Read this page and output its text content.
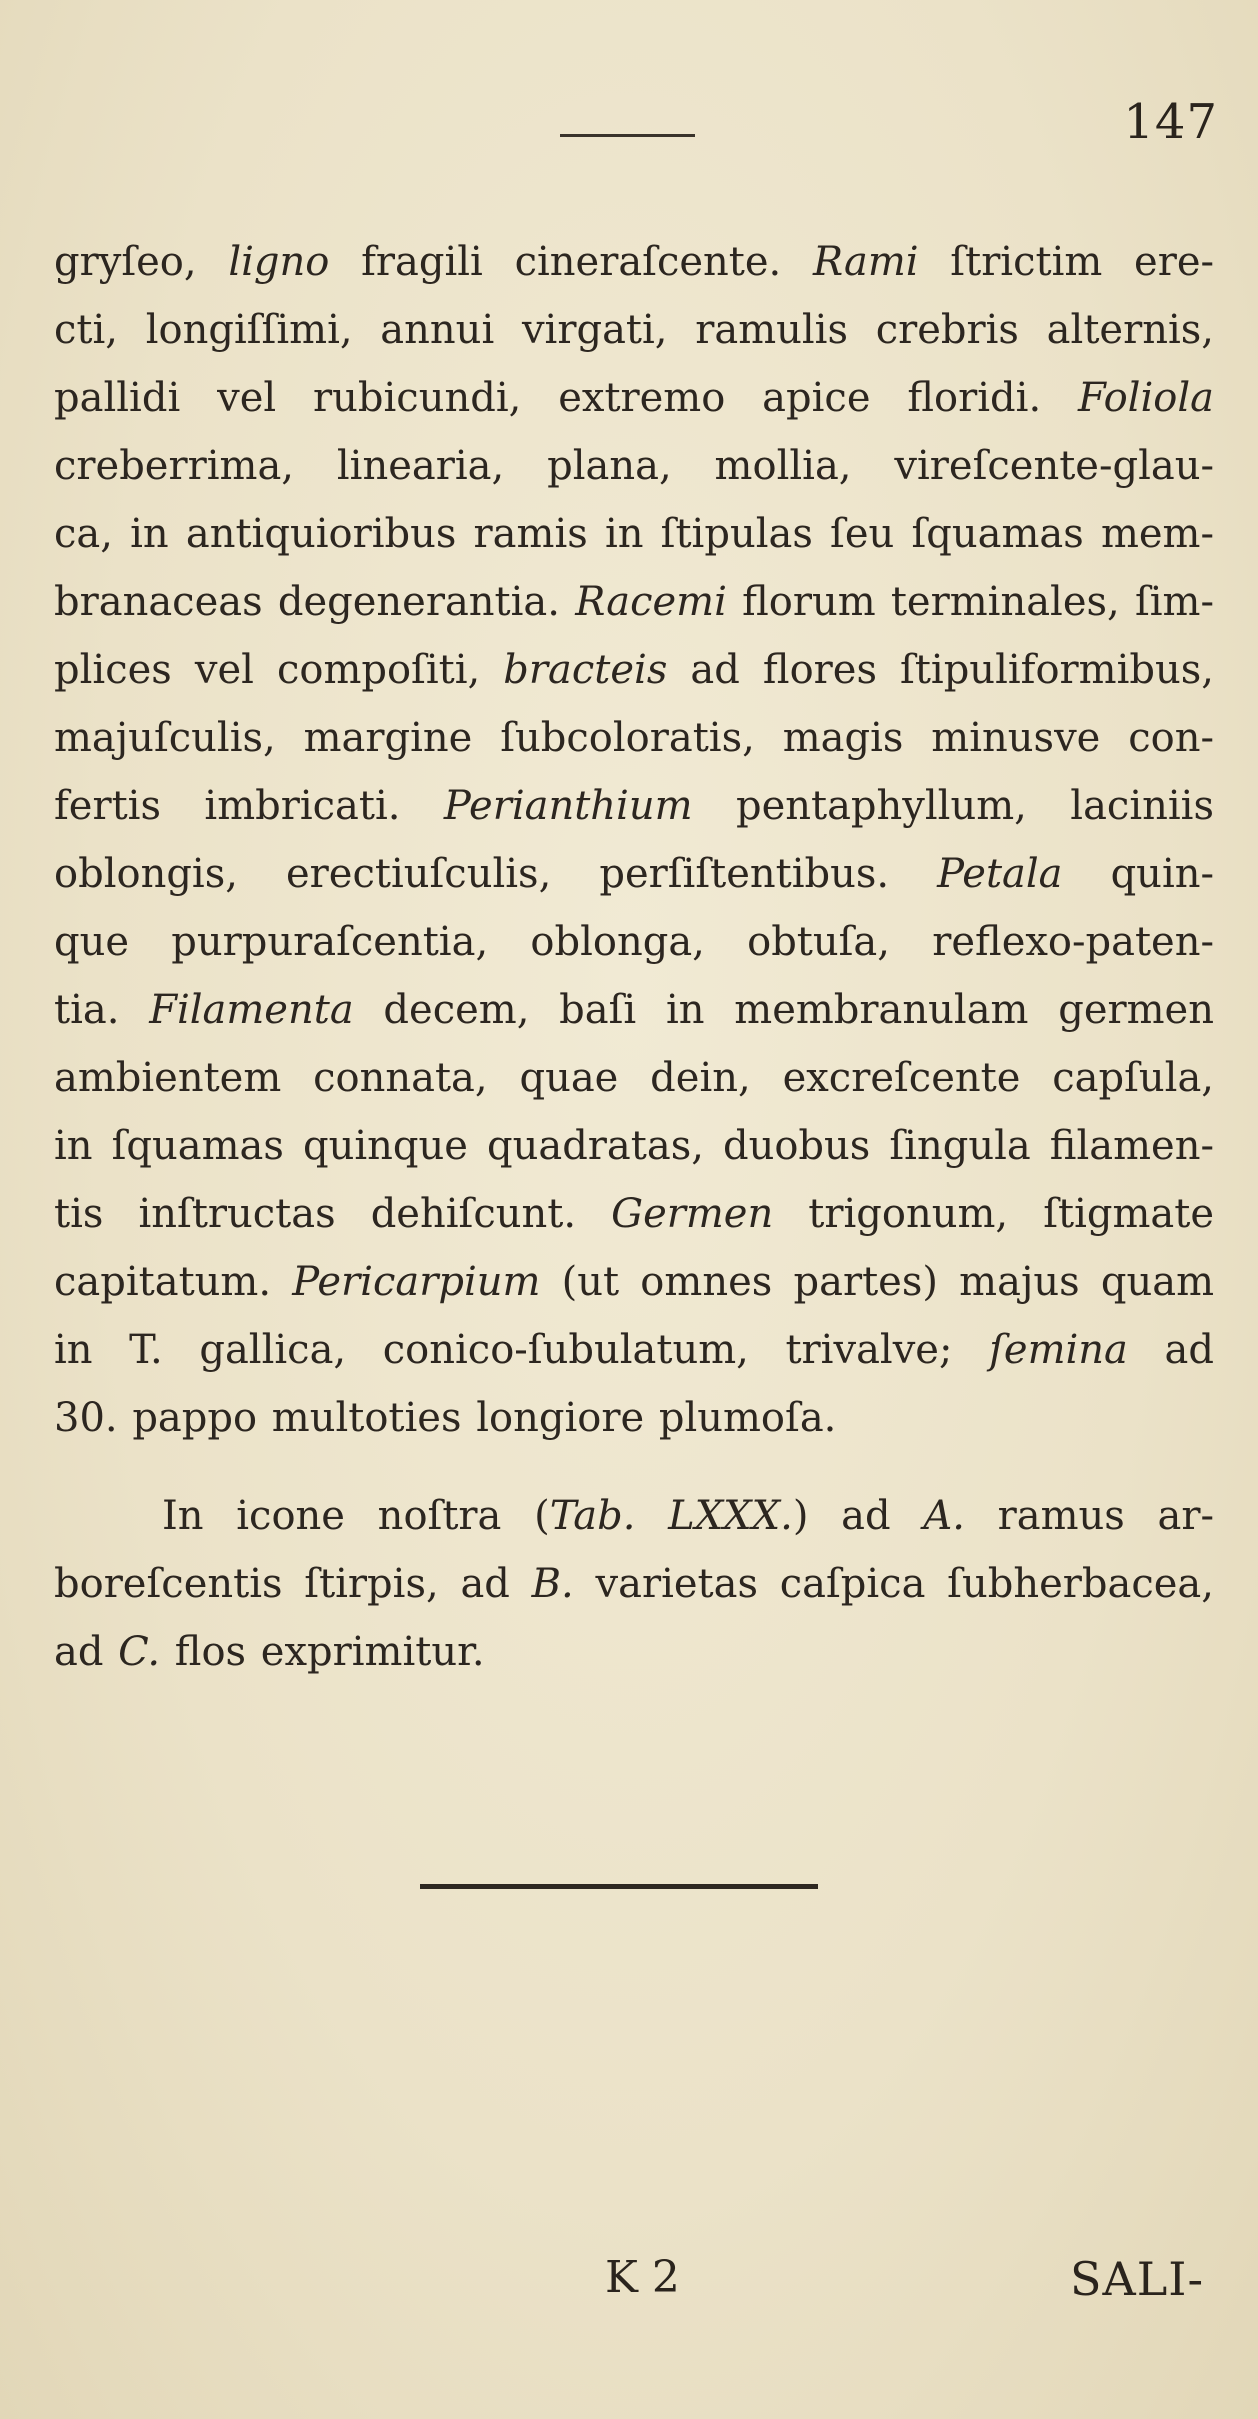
147
gryſeo, ligno fragili cineraſcente. Rami ſtrictim ere-
cti, longiſſimi, annui virgati, ramulis crebris alternis,
pallidi vel rubicundi, extremo apice floridi. Foliola
creberrima, linearia, plana, mollia, vireſcente-glau-
ca, in antiquioribus ramis in ſtipulas ſeu ſquamas mem-
branaceas degenerantia. Racemi florum terminales, ſim-
plices vel compoſiti, bracteis ad flores ſtipuliformibus,
majuſculis, margine ſubcoloratis, magis minusve con-
fertis imbricati. Perianthium pentaphyllum, laciniis
oblongis, erectiuſculis, perſiſtentibus. Petala quin-
que purpuraſcentia, oblonga, obtuſa, reflexo-paten-
tia. Filamenta decem, baſi in membranulam germen
ambientem connata, quae dein, excreſcente capſula,
in ſquamas quinque quadratas, duobus ſingula filamen-
tis inſtructas dehiſcunt. Germen trigonum, ſtigmate
capitatum. Pericarpium (ut omnes partes) majus quam
in T. gallica, conico-ſubulatum, trivalve; ſemina ad
30. pappo multoties longiore plumoſa.
In icone noſtra (Tab. LXXX.) ad A. ramus ar-
boreſcentis ſtirpis, ad B. varietas caſpica ſubherbacea,
ad C. flos exprimitur.
K 2	SALI-
